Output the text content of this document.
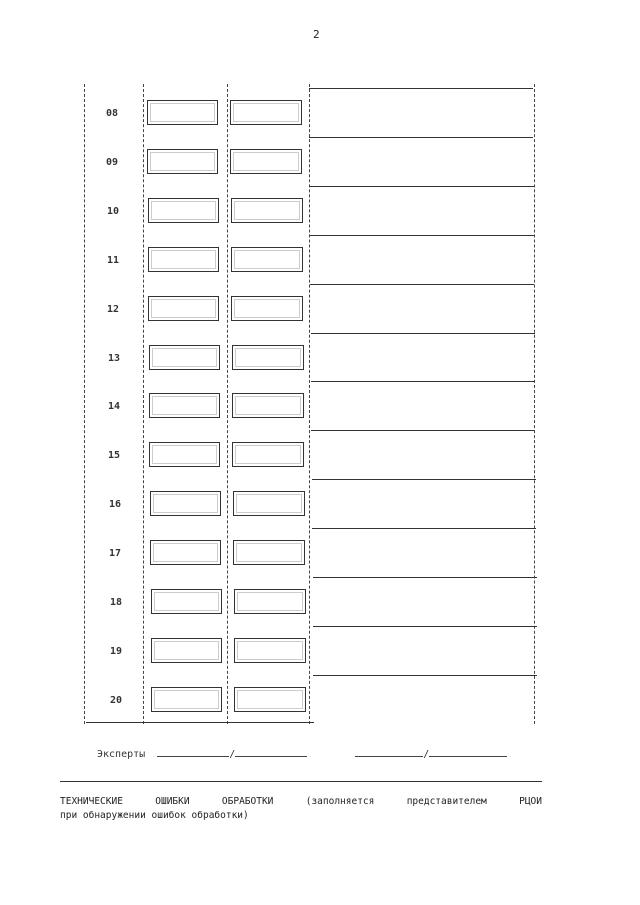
2
08
09
10
11
12
13
14
15
16
17
18
19
20
Эксперты	/	/
ТЕХНИЧЕСКИЕ ОШИБКИ ОБРАБОТКИ (заполняется представителем РЦОИ
при обнаружении ошибок обработки)
